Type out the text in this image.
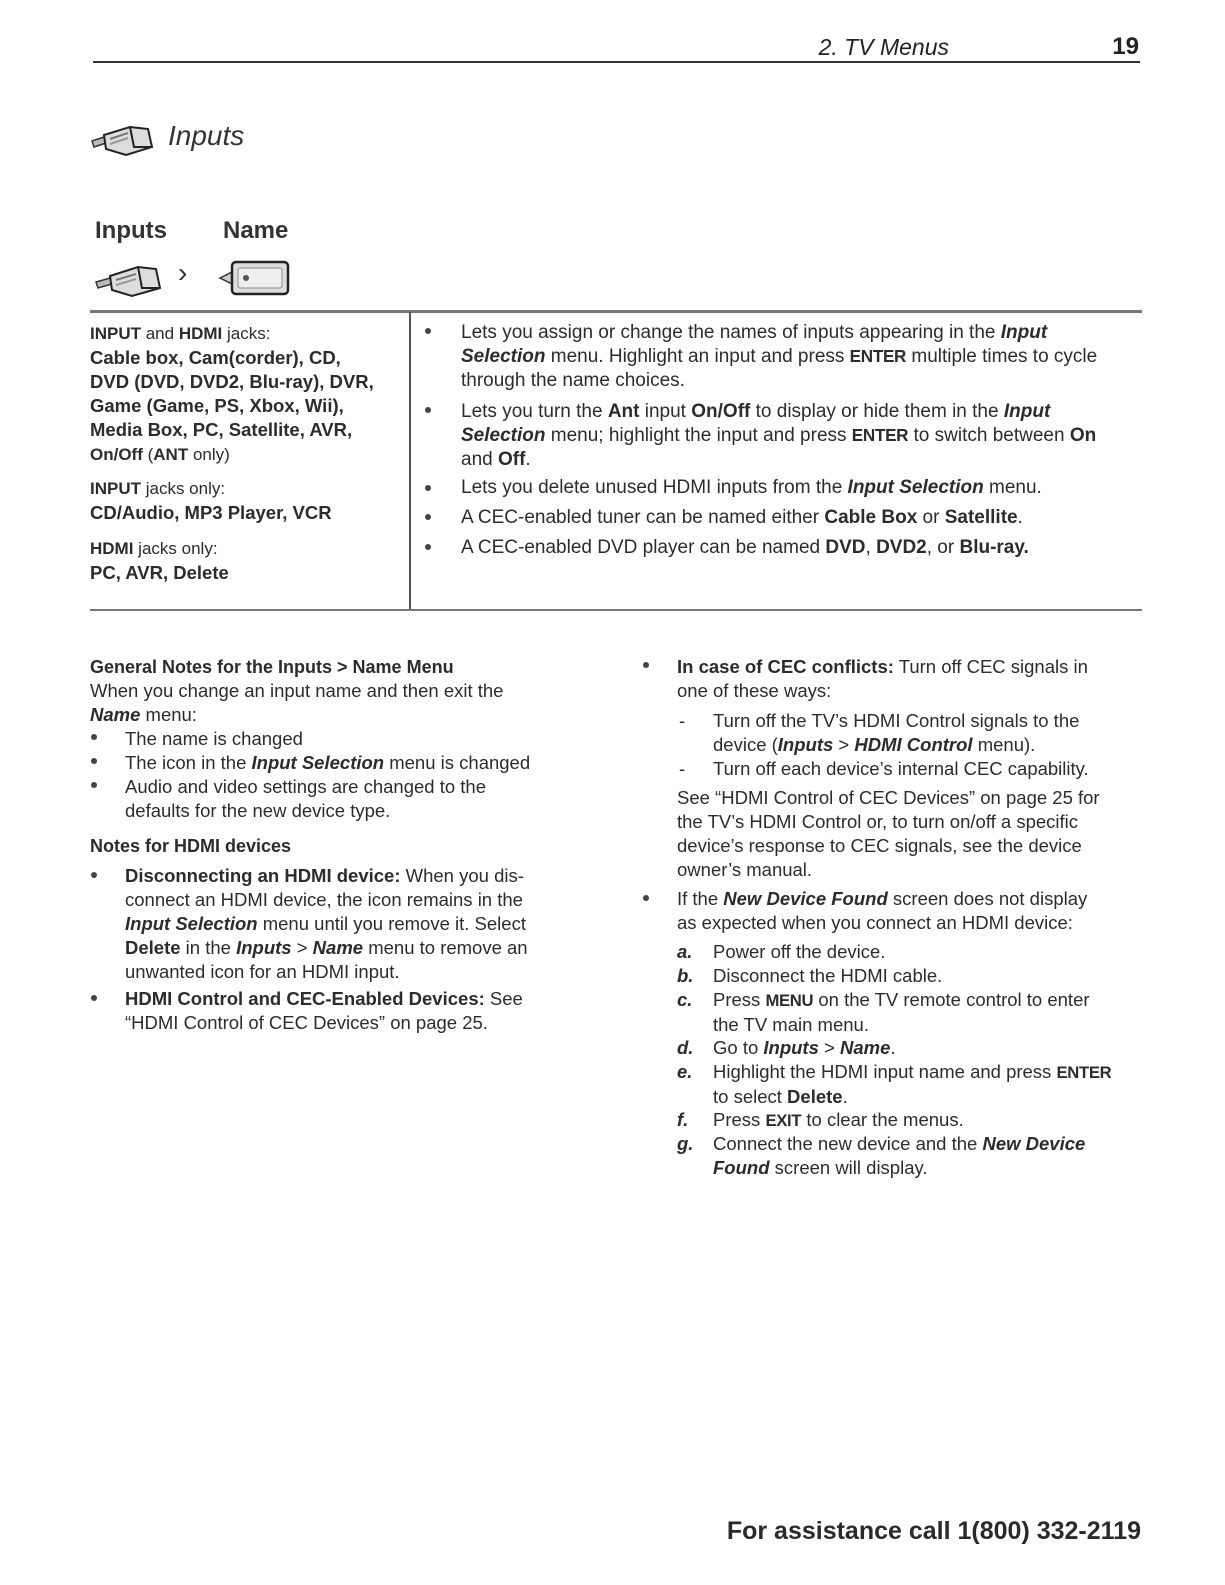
2. TV Menus	19
Inputs
Inputs Name
›
INPUT and HDMI jacks:
Cable box, Cam(corder), CD,
DVD (DVD, DVD2, Blu-ray), DVR,
Game (Game, PS, Xbox, Wii),
Media Box, PC, Satellite, AVR,
On/Off (ANT only)
INPUT jacks only:
CD/Audio, MP3 Player, VCR
HDMI jacks only:
PC, AVR, Delete
Lets you assign or change the names of inputs appearing in the Input
Selection menu. Highlight an input and press ENTER multiple times to cycle
through the name choices.
Lets you turn the Ant input On/Off to display or hide them in the Input
Selection menu; highlight the input and press ENTER to switch between On
and Off.
Lets you delete unused HDMI inputs from the Input Selection menu.
A CEC-enabled tuner can be named either Cable Box or Satellite.
A CEC-enabled DVD player can be named DVD, DVD2, or Blu-ray.
General Notes for the Inputs > Name Menu
When you change an input name and then exit the
Name menu:
The name is changed
The icon in the Input Selection menu is changed
Audio and video settings are changed to the
defaults for the new device type.
Notes for HDMI devices
Disconnecting an HDMI device: When you dis-
connect an HDMI device, the icon remains in the
Input Selection menu until you remove it. Select
Delete in the Inputs > Name menu to remove an
unwanted icon for an HDMI input.
HDMI Control and CEC-Enabled Devices: See
“HDMI Control of CEC Devices” on page 25.
In case of CEC conflicts: Turn off CEC signals in
one of these ways:
- Turn off the TV’s HDMI Control signals to the
device (Inputs > HDMI Control menu).
- Turn off each device’s internal CEC capability.
See “HDMI Control of CEC Devices” on page 25 for
the TV’s HDMI Control or, to turn on/off a specific
device’s response to CEC signals, see the device
owner’s manual.
If the New Device Found screen does not display
as expected when you connect an HDMI device:
a. Power off the device.
b. Disconnect the HDMI cable.
c. Press MENU on the TV remote control to enter
the TV main menu.
d. Go to Inputs > Name.
e. Highlight the HDMI input name and press ENTER
to select Delete.
f. Press EXIT to clear the menus.
g. Connect the new device and the New Device
Found screen will display.
For assistance call 1(800) 332-2119
